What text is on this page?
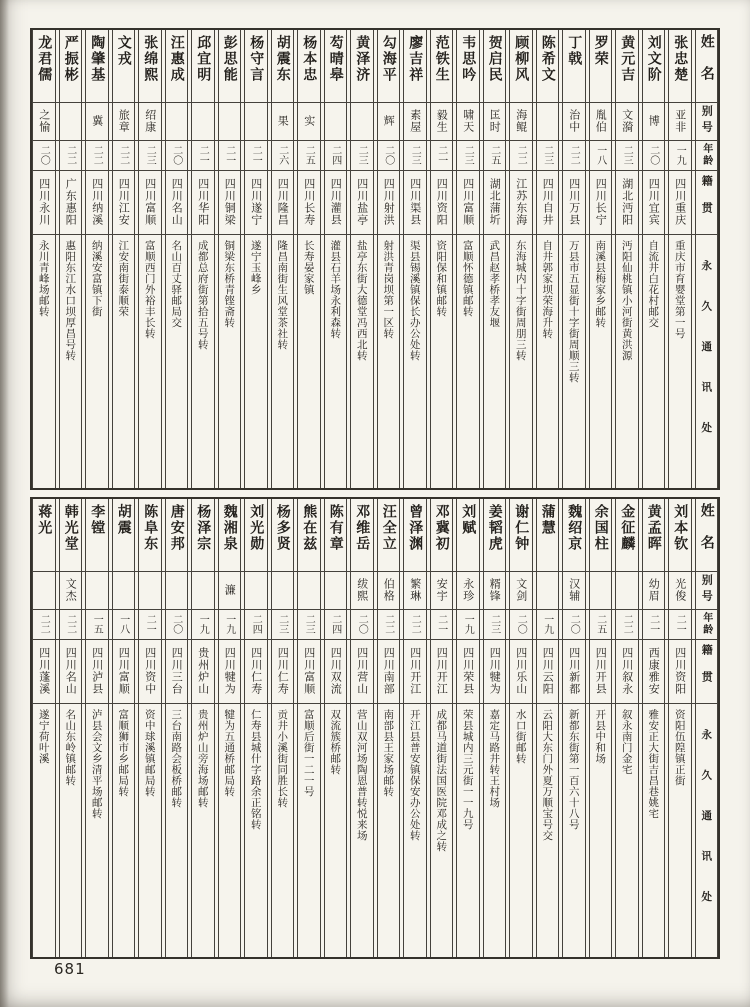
姓名
别号
年龄
籍贯
永久通讯处
张忠楚
亚非
一九
四川重庆
重庆市育婴堂第一号
刘文阶
博
二〇
四川宜宾
自流井白花村邮交
黄元吉
文漪
二三
湖北沔阳
沔阳仙桃镇小河街黄洪源
罗荣
胤伯
一八
四川长宁
南溪县梅家乡邮转
丁戟
治中
二二
四川万县
万县市五显街十字街周顺三转
陈希文
二三
四川自井
自井郭家坝荣海升转
顾柳风
海鲲
二二
江苏东海
东海城内十字街周朋三转
贺启民
匡时
二五
湖北蒲圻
武昌赵孝桥孝友堰
韦思吟
啸天
二三
四川富顺
富顺怀德镇邮转
范铁生
毅生
二一
四川资阳
资阳保和镇邮转
廖吉祥
素屋
二三
四川渠县
渠县锡溪镇保长办公处转
勾海平
辉
二〇
四川射洪
射洪青岗坝第一区转
黄泽济
二三
四川盐亭
盐亭东街大德堂冯西北转
芶晴皋
二四
四川灌县
灌县石羊场永利森转
杨本忠
实
二五
四川长寿
长寿晏家镇
胡震东
果
二六
四川隆昌
隆昌南街生风堂茶社转
杨守言
二一
四川遂宁
遂宁玉峰乡
彭思能
二一
四川铜梁
铜梁东桥青铿斋转
邱宜明
二一
四川华阳
成都总府街第拾五号转
汪惠成
二〇
四川名山
名山百丈驿邮局交
张绵熙
绍康
二三
四川富顺
富顺西门外裕丰长转
文戎
旅章
二二
四川江安
江安南街泰顺荣
陶肇基
冀
二二
四川纳溪
纳溪安富镇下街
严振彬
二二
广东惠阳
惠阳东江水口坝厚昌号转
龙君儒
之愉
二〇
四川永川
永川青峰场邮转
姓名
别号
年龄
籍贯
永久通讯处
刘本钦
光俊
二一
四川资阳
资阳伍隍镇正街
黄孟晖
幼眉
二一
西康雅安
雅安正大街吉昌巷姚宅
金征麟
二二
四川叙永
叙永南门金宅
余国柱
二五
四川开县
开县中和场
魏绍京
汉辅
二〇
四川新都
新都东街第一百六十八号
蒲慧
一九
四川云阳
云阳大东门外夏万顺宝号交
谢仁钟
文剑
二〇
四川乐山
水口街邮转
姜韬虎
糈锋
二三
四川犍为
嘉定马路井转王村场
刘赋
永珍
一九
四川荣县
荣县城内三元街一一九号
邓冀初
安宇
二一
四川开江
成都马道街法国医院邓成之转
曾泽渊
繁琳
二二
四川开江
开江县普安镇保安办公处转
汪全立
伯格
二二
四川南部
南部县王家场邮转
邓维岳
绂熙
二〇
四川营山
营山双河场陶恩普转悦来场
陈有章
二四
四川双流
双流簇桥邮转
熊在兹
二三
四川富顺
富顺后街一二一号
杨多贤
二三
四川仁寿
贡井小溪街同胜长转
刘光勋
二四
四川仁寿
仁寿县城什字路余正铭转
魏湘泉
濂
一九
四川犍为
犍为五通桥邮局转
杨泽宗
一九
贵州炉山
贵州炉山旁海场邮转
唐安邦
二〇
四川三台
三台南路会板桥邮转
陈阜东
二一
四川资中
资中球溪镇邮局转
胡震
一八
四川富顺
富顺狮市乡邮局转
李镗
一五
四川泸县
泸县会文乡清平场邮转
韩光堂
文杰
二二
四川名山
名山东岭镇邮转
蒋光
二二
四川蓬溪
遂宁荷叶溪
681
